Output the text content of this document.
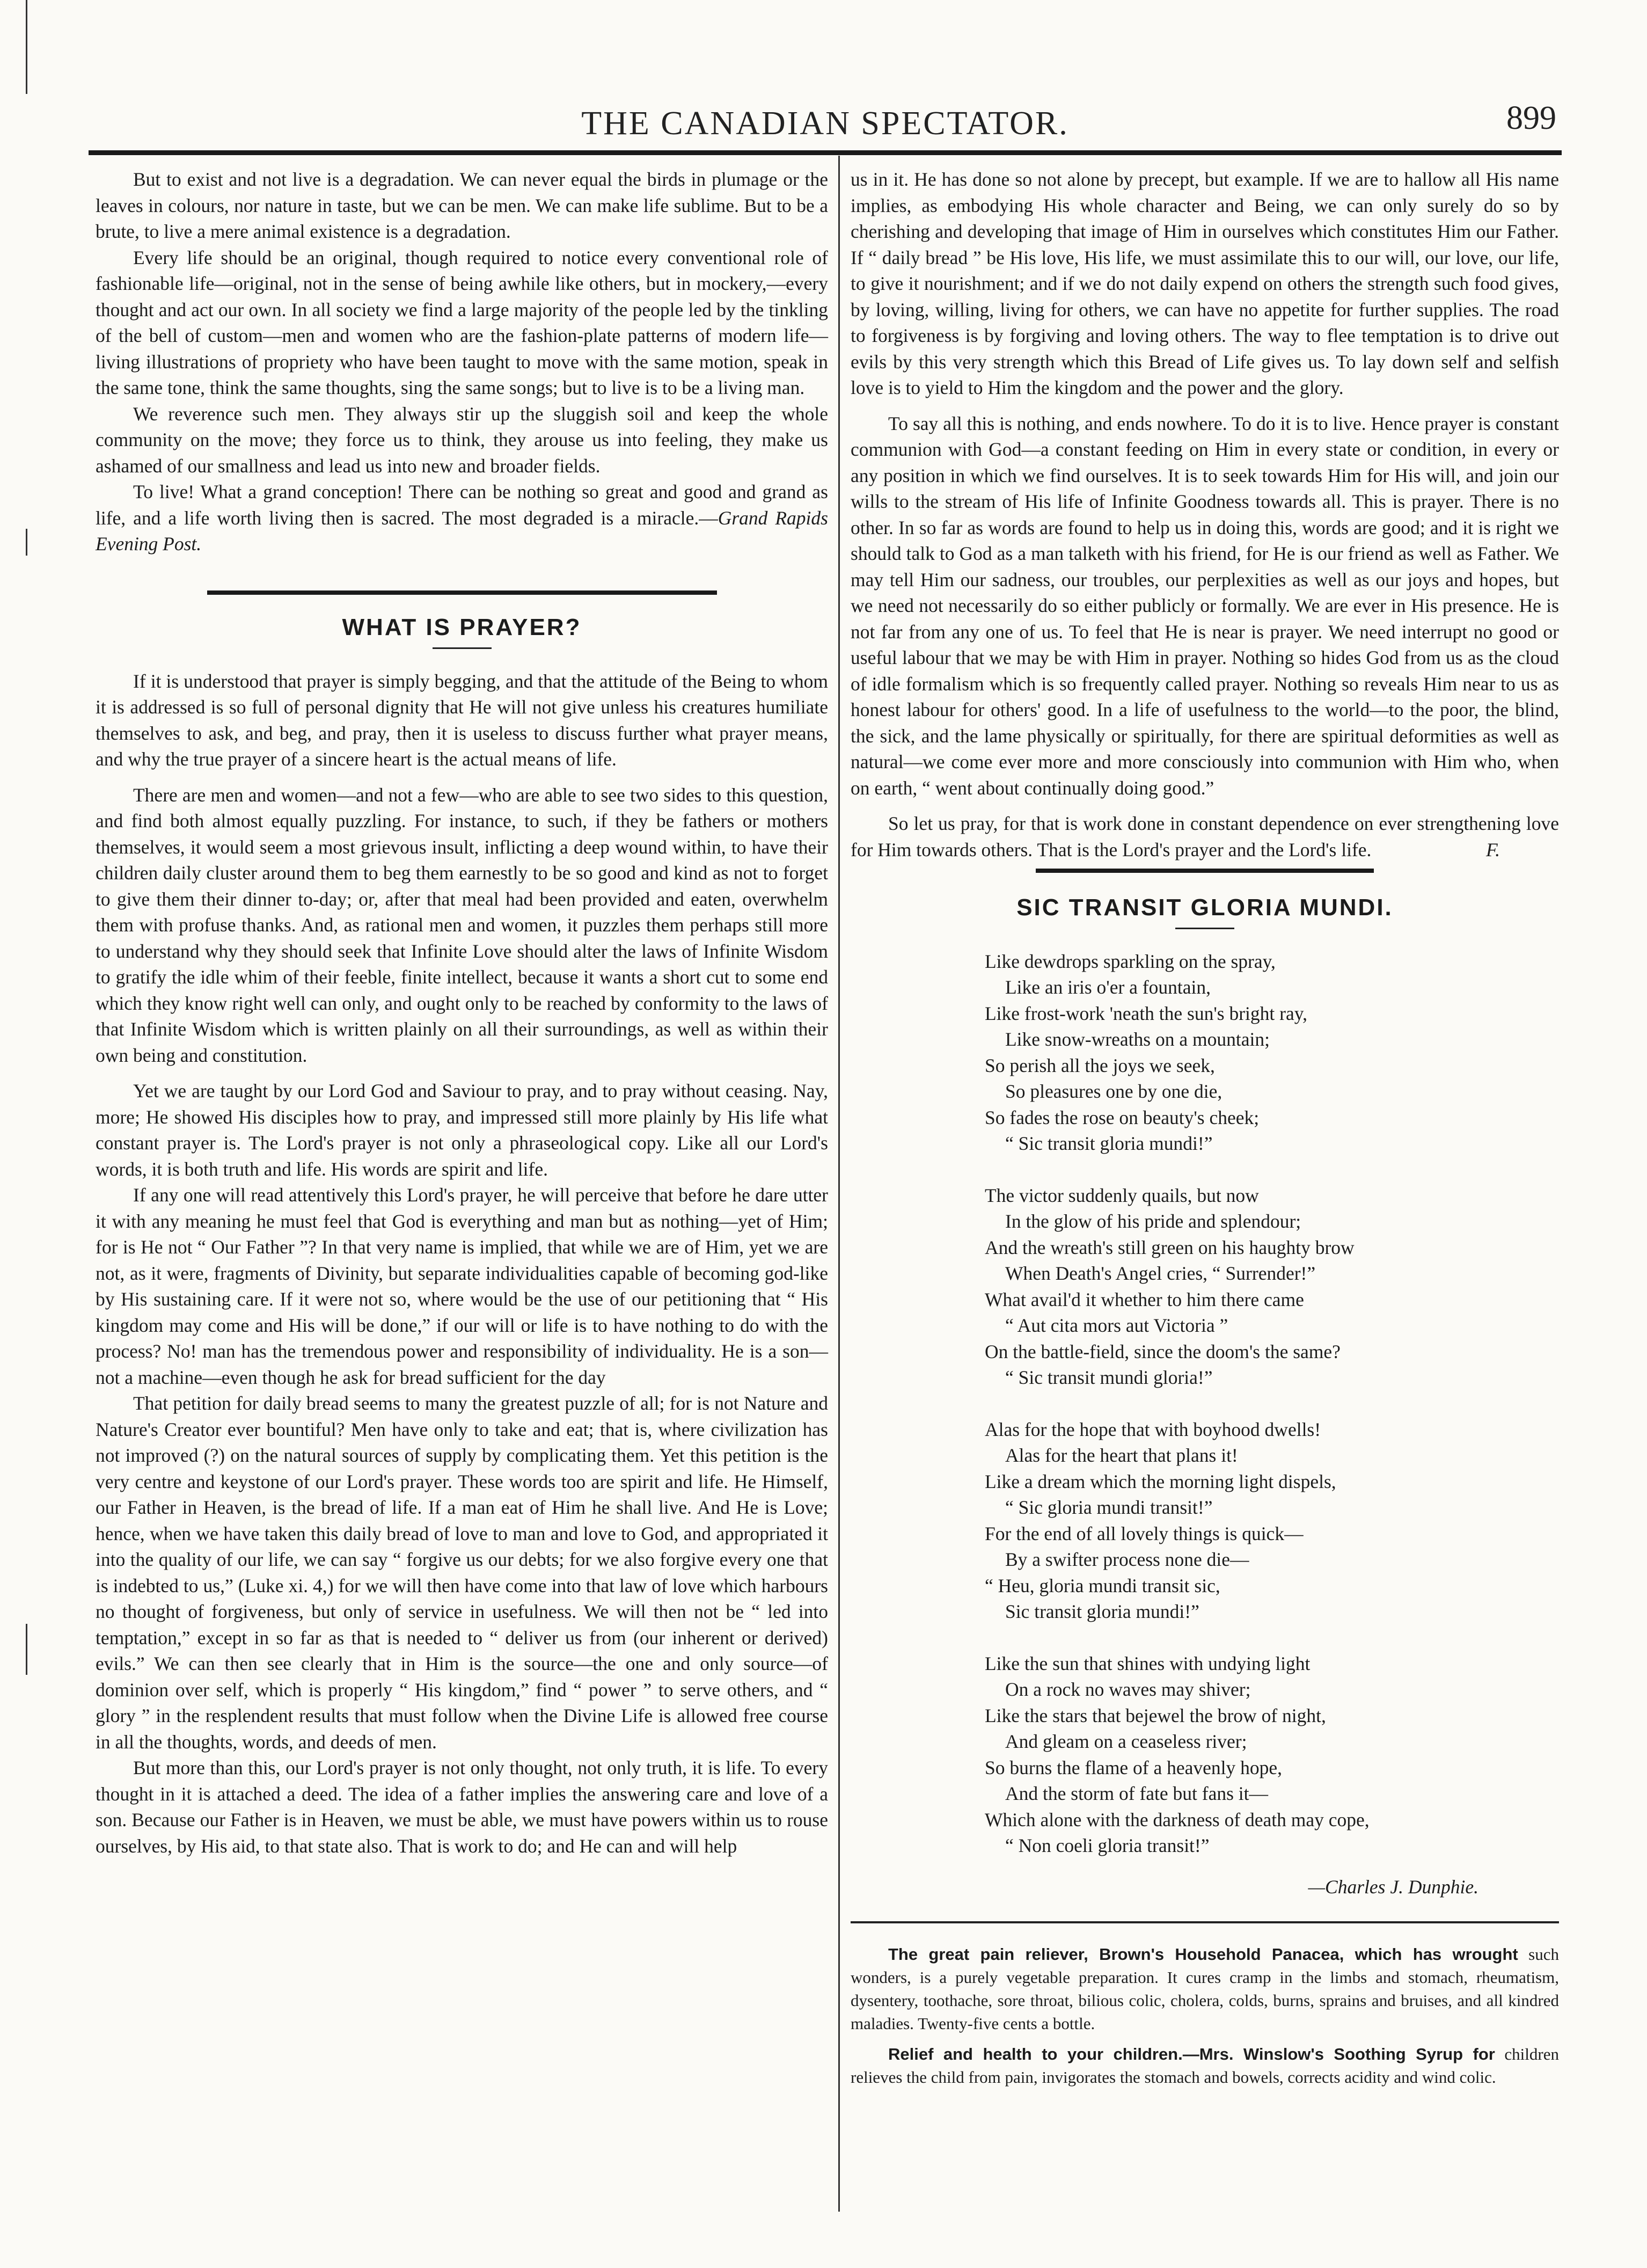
THE CANADIAN SPECTATOR.	899

But to exist and not live is a degradation. We can never equal the birds in plumage or the leaves in colours, nor nature in taste, but we can be men. We can make life sublime. But to be a brute, to live a mere animal existence is a degradation.

Every life should be an original, though required to notice every conventional role of fashionable life—original, not in the sense of being awhile like others, but in mockery,—every thought and act our own. In all society we find a large majority of the people led by the tinkling of the bell of custom—men and women who are the fashion-plate patterns of modern life—living illustrations of propriety who have been taught to move with the same motion, speak in the same tone, think the same thoughts, sing the same songs; but to live is to be a living man.

We reverence such men. They always stir up the sluggish soil and keep the whole community on the move; they force us to think, they arouse us into feeling, they make us ashamed of our smallness and lead us into new and broader fields.

To live! What a grand conception! There can be nothing so great and good and grand as life, and a life worth living then is sacred. The most degraded is a miracle.—Grand Rapids Evening Post.

WHAT IS PRAYER?

If it is understood that prayer is simply begging, and that the attitude of the Being to whom it is addressed is so full of personal dignity that He will not give unless his creatures humiliate themselves to ask, and beg, and pray, then it is useless to discuss further what prayer means, and why the true prayer of a sincere heart is the actual means of life.

There are men and women—and not a few—who are able to see two sides to this question, and find both almost equally puzzling. For instance, to such, if they be fathers or mothers themselves, it would seem a most grievous insult, inflicting a deep wound within, to have their children daily cluster around them to beg them earnestly to be so good and kind as not to forget to give them their dinner to-day; or, after that meal had been provided and eaten, overwhelm them with profuse thanks. And, as rational men and women, it puzzles them perhaps still more to understand why they should seek that Infinite Love should alter the laws of Infinite Wisdom to gratify the idle whim of their feeble, finite intellect, because it wants a short cut to some end which they know right well can only, and ought only to be reached by conformity to the laws of that Infinite Wisdom which is written plainly on all their surroundings, as well as within their own being and constitution.

Yet we are taught by our Lord God and Saviour to pray, and to pray without ceasing. Nay, more; He showed His disciples how to pray, and impressed still more plainly by His life what constant prayer is. The Lord's prayer is not only a phraseological copy. Like all our Lord's words, it is both truth and life. His words are spirit and life.

If any one will read attentively this Lord's prayer, he will perceive that before he dare utter it with any meaning he must feel that God is everything and man but as nothing—yet of Him; for is He not “ Our Father ”? In that very name is implied, that while we are of Him, yet we are not, as it were, fragments of Divinity, but separate individualities capable of becoming god-like by His sustaining care. If it were not so, where would be the use of our petitioning that “ His kingdom may come and His will be done,” if our will or life is to have nothing to do with the process? No! man has the tremendous power and responsibility of individuality. He is a son—not a machine—even though he ask for bread sufficient for the day

That petition for daily bread seems to many the greatest puzzle of all; for is not Nature and Nature's Creator ever bountiful? Men have only to take and eat; that is, where civilization has not improved (?) on the natural sources of supply by complicating them. Yet this petition is the very centre and keystone of our Lord's prayer. These words too are spirit and life. He Himself, our Father in Heaven, is the bread of life. If a man eat of Him he shall live. And He is Love; hence, when we have taken this daily bread of love to man and love to God, and appropriated it into the quality of our life, we can say “ forgive us our debts; for we also forgive every one that is indebted to us,” (Luke xi. 4,) for we will then have come into that law of love which harbours no thought of forgiveness, but only of service in usefulness. We will then not be “ led into temptation,” except in so far as that is needed to “ deliver us from (our inherent or derived) evils.” We can then see clearly that in Him is the source—the one and only source—of dominion over self, which is properly “ His kingdom,” find “ power ” to serve others, and “ glory ” in the resplendent results that must follow when the Divine Life is allowed free course in all the thoughts, words, and deeds of men.

But more than this, our Lord's prayer is not only thought, not only truth, it is life. To every thought in it is attached a deed. The idea of a father implies the answering care and love of a son. Because our Father is in Heaven, we must be able, we must have powers within us to rouse ourselves, by His aid, to that state also. That is work to do; and He can and will help

us in it. He has done so not alone by precept, but example. If we are to hallow all His name implies, as embodying His whole character and Being, we can only surely do so by cherishing and developing that image of Him in ourselves which constitutes Him our Father. If “ daily bread ” be His love, His life, we must assimilate this to our will, our love, our life, to give it nourishment; and if we do not daily expend on others the strength such food gives, by loving, willing, living for others, we can have no appetite for further supplies. The road to forgiveness is by forgiving and loving others. The way to flee temptation is to drive out evils by this very strength which this Bread of Life gives us. To lay down self and selfish love is to yield to Him the kingdom and the power and the glory.

To say all this is nothing, and ends nowhere. To do it is to live. Hence prayer is constant communion with God—a constant feeding on Him in every state or condition, in every or any position in which we find ourselves. It is to seek towards Him for His will, and join our wills to the stream of His life of Infinite Goodness towards all. This is prayer. There is no other. In so far as words are found to help us in doing this, words are good; and it is right we should talk to God as a man talketh with his friend, for He is our friend as well as Father. We may tell Him our sadness, our troubles, our perplexities as well as our joys and hopes, but we need not necessarily do so either publicly or formally. We are ever in His presence. He is not far from any one of us. To feel that He is near is prayer. We need interrupt no good or useful labour that we may be with Him in prayer. Nothing so hides God from us as the cloud of idle formalism which is so frequently called prayer. Nothing so reveals Him near to us as honest labour for others' good. In a life of usefulness to the world—to the poor, the blind, the sick, and the lame physically or spiritually, for there are spiritual deformities as well as natural—we come ever more and more consciously into communion with Him who, when on earth, “ went about continually doing good.”

So let us pray, for that is work done in constant dependence on ever strengthening love for Him towards others. That is the Lord's prayer and the Lord's life.	F.
SIC TRANSIT GLORIA MUNDI.
Like dewdrops sparkling on the spray,
Like an iris o'er a fountain,
Like frost-work 'neath the sun's bright ray,
Like snow-wreaths on a mountain;
So perish all the joys we seek,
So pleasures one by one die,
So fades the rose on beauty's cheek;
“ Sic transit gloria mundi!”
The victor suddenly quails, but now
In the glow of his pride and splendour;
And the wreath's still green on his haughty brow
When Death's Angel cries, “ Surrender!”
What avail'd it whether to him there came
“ Aut cita mors aut Victoria ”
On the battle-field, since the doom's the same?
“ Sic transit mundi gloria!”
Alas for the hope that with boyhood dwells!
Alas for the heart that plans it!
Like a dream which the morning light dispels,
“ Sic gloria mundi transit!”
For the end of all lovely things is quick—
By a swifter process none die—
“ Heu, gloria mundi transit sic,
Sic transit gloria mundi!”
Like the sun that shines with undying light
On a rock no waves may shiver;
Like the stars that bejewel the brow of night,
And gleam on a ceaseless river;
So burns the flame of a heavenly hope,
And the storm of fate but fans it—
Which alone with the darkness of death may cope,
“ Non coeli gloria transit!”
—Charles J. Dunphie.

The great pain reliever, Brown's Household Panacea, which has wrought such wonders, is a purely vegetable preparation. It cures cramp in the limbs and stomach, rheumatism, dysentery, toothache, sore throat, bilious colic, cholera, colds, burns, sprains and bruises, and all kindred maladies. Twenty-five cents a bottle.

Relief and health to your children.—Mrs. Winslow's Soothing Syrup for children relieves the child from pain, invigorates the stomach and bowels, corrects acidity and wind colic.
